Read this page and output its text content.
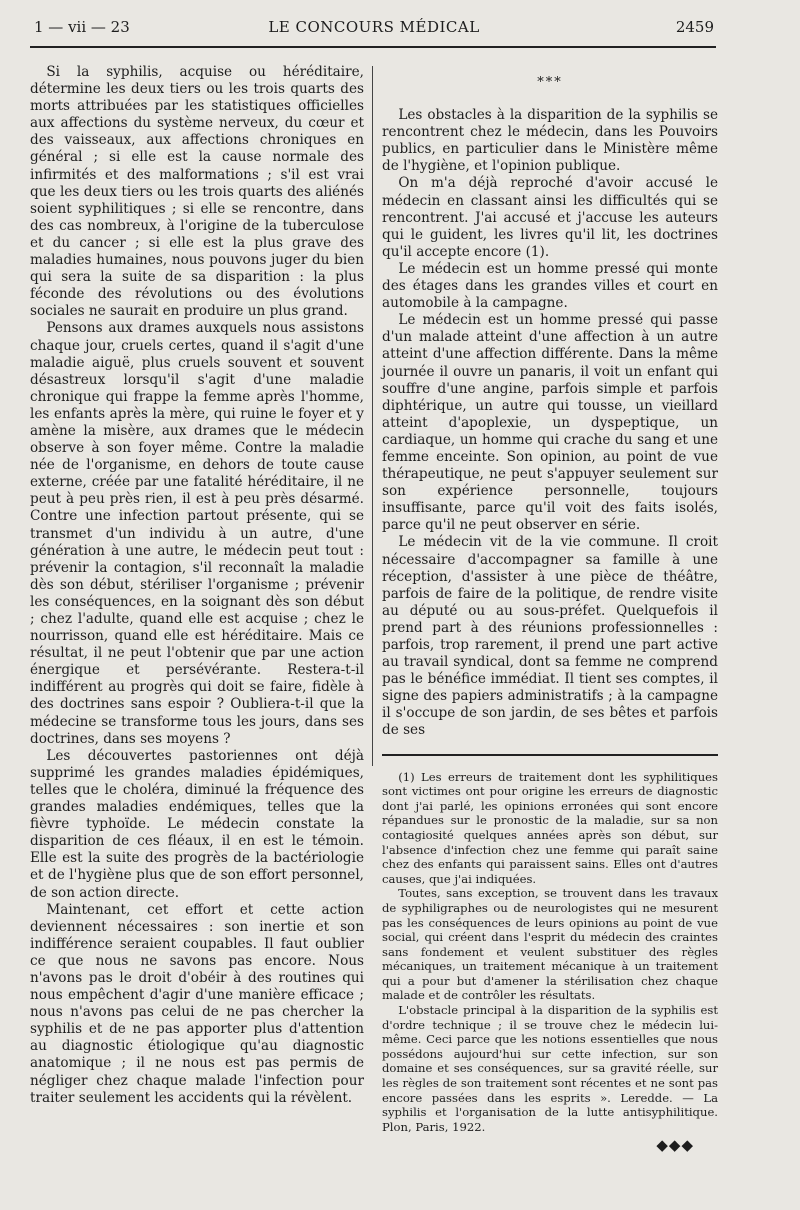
1 — vii — 23	LE CONCOURS MÉDICAL	2459

Si la syphilis, acquise ou héréditaire, détermine les deux tiers ou les trois quarts des morts attribuées par les statistiques officielles aux affections du système nerveux, du cœur et des vaisseaux, aux affections chroniques en général ; si elle est la cause normale des infirmités et des malformations ; s'il est vrai que les deux tiers ou les trois quarts des aliénés soient syphilitiques ; si elle se rencontre, dans des cas nombreux, à l'origine de la tuberculose et du cancer ; si elle est la plus grave des maladies humaines, nous pouvons juger du bien qui sera la suite de sa disparition : la plus féconde des révolutions ou des évolutions sociales ne saurait en produire un plus grand.

Pensons aux drames auxquels nous assistons chaque jour, cruels certes, quand il s'agit d'une maladie aiguë, plus cruels souvent et souvent désastreux lorsqu'il s'agit d'une maladie chronique qui frappe la femme après l'homme, les enfants après la mère, qui ruine le foyer et y amène la misère, aux drames que le médecin observe à son foyer même. Contre la maladie née de l'organisme, en dehors de toute cause externe, créée par une fatalité héréditaire, il ne peut à peu près rien, il est à peu près désarmé. Contre une infection partout présente, qui se transmet d'un individu à un autre, d'une génération à une autre, le médecin peut tout : prévenir la contagion, s'il reconnaît la maladie dès son début, stériliser l'organisme ; prévenir les conséquences, en la soignant dès son début ; chez l'adulte, quand elle est acquise ; chez le nourrisson, quand elle est héréditaire. Mais ce résultat, il ne peut l'obtenir que par une action énergique et persévérante. Restera-t-il indifférent au progrès qui doit se faire, fidèle à des doctrines sans espoir ? Oubliera-t-il que la médecine se transforme tous les jours, dans ses doctrines, dans ses moyens ?

Les découvertes pastoriennes ont déjà supprimé les grandes maladies épidémiques, telles que le choléra, diminué la fréquence des grandes maladies endémiques, telles que la fièvre typhoïde. Le médecin constate la disparition de ces fléaux, il en est le témoin. Elle est la suite des progrès de la bactériologie et de l'hygiène plus que de son effort personnel, de son action directe.

Maintenant, cet effort et cette action deviennent nécessaires : son inertie et son indifférence seraient coupables. Il faut oublier ce que nous ne savons pas encore. Nous n'avons pas le droit d'obéir à des routines qui nous empêchent d'agir d'une manière efficace ; nous n'avons pas celui de ne pas chercher la syphilis et de ne pas apporter plus d'attention au diagnostic étiologique qu'au diagnostic anatomique ; il ne nous est pas permis de négliger chez chaque malade l'infection pour traiter seulement les accidents qui la révèlent.

***

Les obstacles à la disparition de la syphilis se rencontrent chez le médecin, dans les Pouvoirs publics, en particulier dans le Ministère même de l'hygiène, et l'opinion publique.

On m'a déjà reproché d'avoir accusé le médecin en classant ainsi les difficultés qui se rencontrent. J'ai accusé et j'accuse les auteurs qui le guident, les livres qu'il lit, les doctrines qu'il accepte encore (1).

Le médecin est un homme pressé qui monte des étages dans les grandes villes et court en automobile à la campagne.

Le médecin est un homme pressé qui passe d'un malade atteint d'une affection à un autre atteint d'une affection différente. Dans la même journée il ouvre un panaris, il voit un enfant qui souffre d'une angine, parfois simple et parfois diphtérique, un autre qui tousse, un vieillard atteint d'apoplexie, un dyspeptique, un cardiaque, un homme qui crache du sang et une femme enceinte. Son opinion, au point de vue thérapeutique, ne peut s'appuyer seulement sur son expérience personnelle, toujours insuffisante, parce qu'il voit des faits isolés, parce qu'il ne peut observer en série.

Le médecin vit de la vie commune. Il croit nécessaire d'accompagner sa famille à une réception, d'assister à une pièce de théâtre, parfois de faire de la politique, de rendre visite au député ou au sous-préfet. Quelquefois il prend part à des réunions professionnelles : parfois, trop rarement, il prend une part active au travail syndical, dont sa femme ne comprend pas le bénéfice immédiat. Il tient ses comptes, il signe des papiers administratifs ; à la campagne il s'occupe de son jardin, de ses bêtes et parfois de ses

(1) Les erreurs de traitement dont les syphilitiques sont victimes ont pour origine les erreurs de diagnostic dont j'ai parlé, les opinions erronées qui sont encore répandues sur le pronostic de la maladie, sur sa non contagiosité quelques années après son début, sur l'absence d'infection chez une femme qui paraît saine chez des enfants qui paraissent sains. Elles ont d'autres causes, que j'ai indiquées.

Toutes, sans exception, se trouvent dans les travaux de syphiligraphes ou de neurologistes qui ne mesurent pas les conséquences de leurs opinions au point de vue social, qui créent dans l'esprit du médecin des craintes sans fondement et veulent substituer des règles mécaniques, un traitement mécanique à un traitement qui a pour but d'amener la stérilisation chez chaque malade et de contrôler les résultats.

L'obstacle principal à la disparition de la syphilis est d'ordre technique ; il se trouve chez le médecin lui-même. Ceci parce que les notions essentielles que nous possédons aujourd'hui sur cette infection, sur son domaine et ses conséquences, sur sa gravité réelle, sur les règles de son traitement sont récentes et ne sont pas encore passées dans les esprits ». Leredde. — La syphilis et l'organisation de la lutte antisyphilitique. Plon, Paris, 1922.

◆◆◆
